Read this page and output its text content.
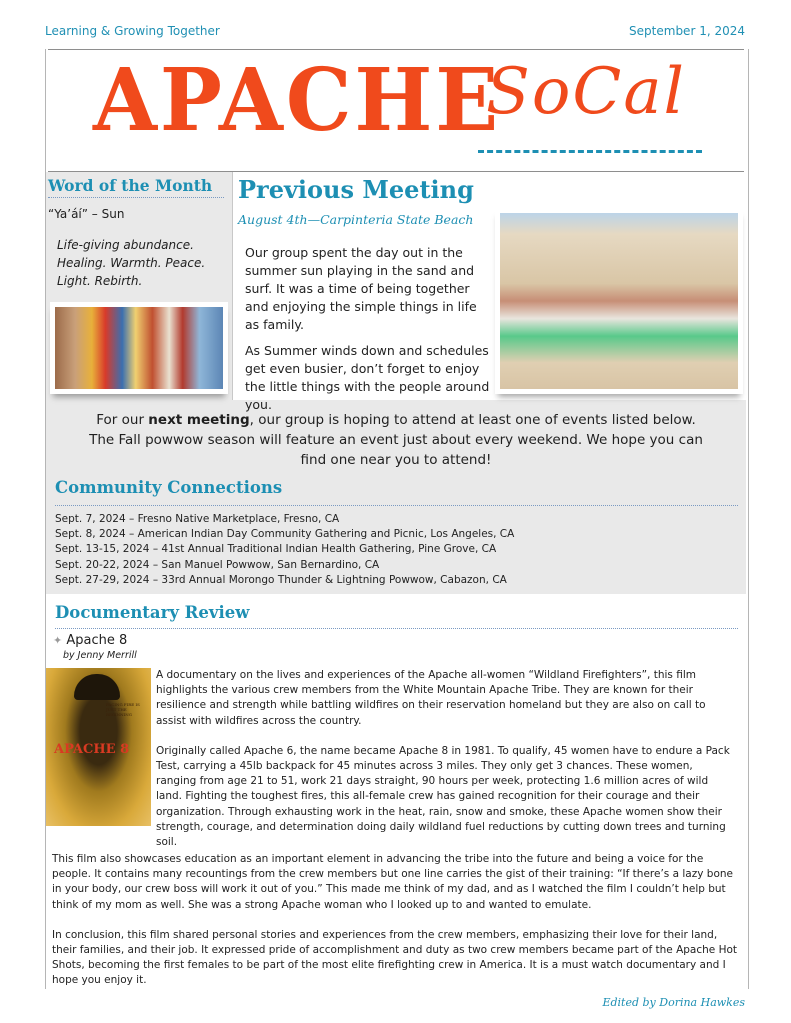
Learning & Growing Together	September 1, 2024
APACHE
SoCal
Word of the Month
“Ya’áí” – Sun
Life-giving abundance.
Healing. Warmth. Peace.
Light. Rebirth.
Previous Meeting
August 4th—Carpinteria State Beach

Our group spent the day out in the summer sun playing in the sand and surf. It was a time of being together and enjoying the simple things in life as family.

As Summer winds down and schedules get even busier, don’t forget to enjoy the little things with the people around you.

For our next meeting, our group is hoping to attend at least one of events listed below.
The Fall powwow season will feature an event just about every weekend. We hope you can find one near you to attend!
Community Connections
Sept. 7, 2024 – Fresno Native Marketplace, Fresno, CA
Sept. 8, 2024 – American Indian Day Community Gathering and Picnic, Los Angeles, CA
Sept. 13-15, 2024 – 41st Annual Traditional Indian Health Gathering, Pine Grove, CA
Sept. 20-22, 2024 – San Manuel Powwow, San Bernardino, CA
Sept. 27-29, 2024 – 33rd Annual Morongo Thunder & Lightning Powwow, Cabazon, CA
Documentary Review
✦ Apache 8
by Jenny Merrill
FACING FIRE IS JUST THE BEGINNING
APACHE 8

A documentary on the lives and experiences of the Apache all-women “Wildland Firefighters”, this film highlights the various crew members from the White Mountain Apache Tribe. They are known for their resilience and strength while battling wildfires on their reservation homeland but they are also on call to assist with wildfires across the country.

Originally called Apache 6, the name became Apache 8 in 1981. To qualify, 45 women have to endure a Pack Test, carrying a 45lb backpack for 45 minutes across 3 miles. They only get 3 chances. These women, ranging from age 21 to 51, work 21 days straight, 90 hours per week, protecting 1.6 million acres of wild land. Fighting the toughest fires, this all-female crew has gained recognition for their courage and their organization. Through exhausting work in the heat, rain, snow and smoke, these Apache women show their strength, courage, and determination doing daily wildland fuel reductions by cutting down trees and turning soil.

This film also showcases education as an important element in advancing the tribe into the future and being a voice for the people. It contains many recountings from the crew members but one line carries the gist of their training: “If there’s a lazy bone in your body, our crew boss will work it out of you.” This made me think of my dad, and as I watched the film I couldn’t help but think of my mom as well. She was a strong Apache woman who I looked up to and wanted to emulate.

In conclusion, this film shared personal stories and experiences from the crew members, emphasizing their love for their land, their families, and their job. It expressed pride of accomplishment and duty as two crew members became part of the Apache Hot Shots, becoming the first females to be part of the most elite firefighting crew in America. It is a must watch documentary and I hope you enjoy it.

Edited by Dorina Hawkes
